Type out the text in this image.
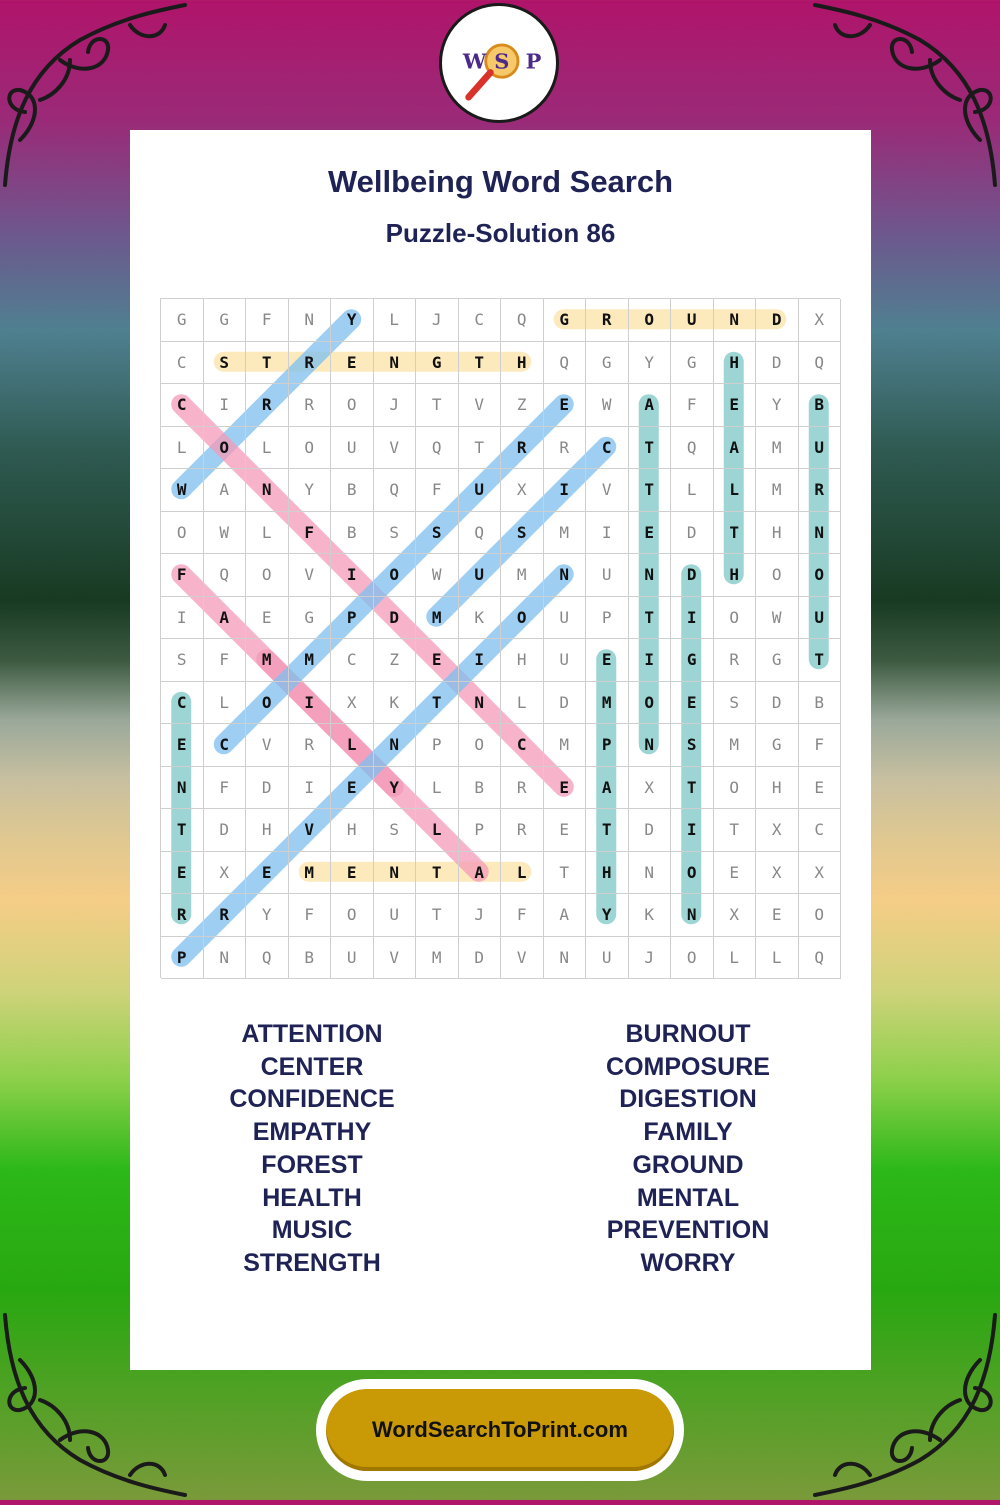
W S P
Wellbeing Word Search
Puzzle-Solution 86
G	G	F	N	Y	L	J	C	Q	G	R	O	U	N	D	X
C	S	T	R	E	N	G	T	H	Q	G	Y	G	H	D	Q
C	I	R	R	O	J	T	V	Z	E	W	A	F	E	Y	B
L	O	L	O	U	V	Q	T	R	R	C	T	Q	A	M	U
W	A	N	Y	B	Q	F	U	X	I	V	T	L	L	M	R
O	W	L	F	B	S	S	Q	S	M	I	E	D	T	H	N
F	Q	O	V	I	O	W	U	M	N	U	N	D	H	O	O
I	A	E	G	P	D	M	K	O	U	P	T	I	O	W	U
S	F	M	M	C	Z	E	I	H	U	E	I	G	R	G	T
C	L	O	I	X	K	T	N	L	D	M	O	E	S	D	B
E	C	V	R	L	N	P	O	C	M	P	N	S	M	G	F
N	F	D	I	E	Y	L	B	R	E	A	X	T	O	H	E
T	D	H	V	H	S	L	P	R	E	T	D	I	T	X	C
E	X	E	M	E	N	T	A	L	T	H	N	O	E	X	X
R	R	Y	F	O	U	T	J	F	A	Y	K	N	X	E	O
P	N	Q	B	U	V	M	D	V	N	U	J	O	L	L	Q
ATTENTION
CENTER
CONFIDENCE
EMPATHY
FOREST
HEALTH
MUSIC
STRENGTH
BURNOUT
COMPOSURE
DIGESTION
FAMILY
GROUND
MENTAL
PREVENTION
WORRY
WordSearchToPrint.com
